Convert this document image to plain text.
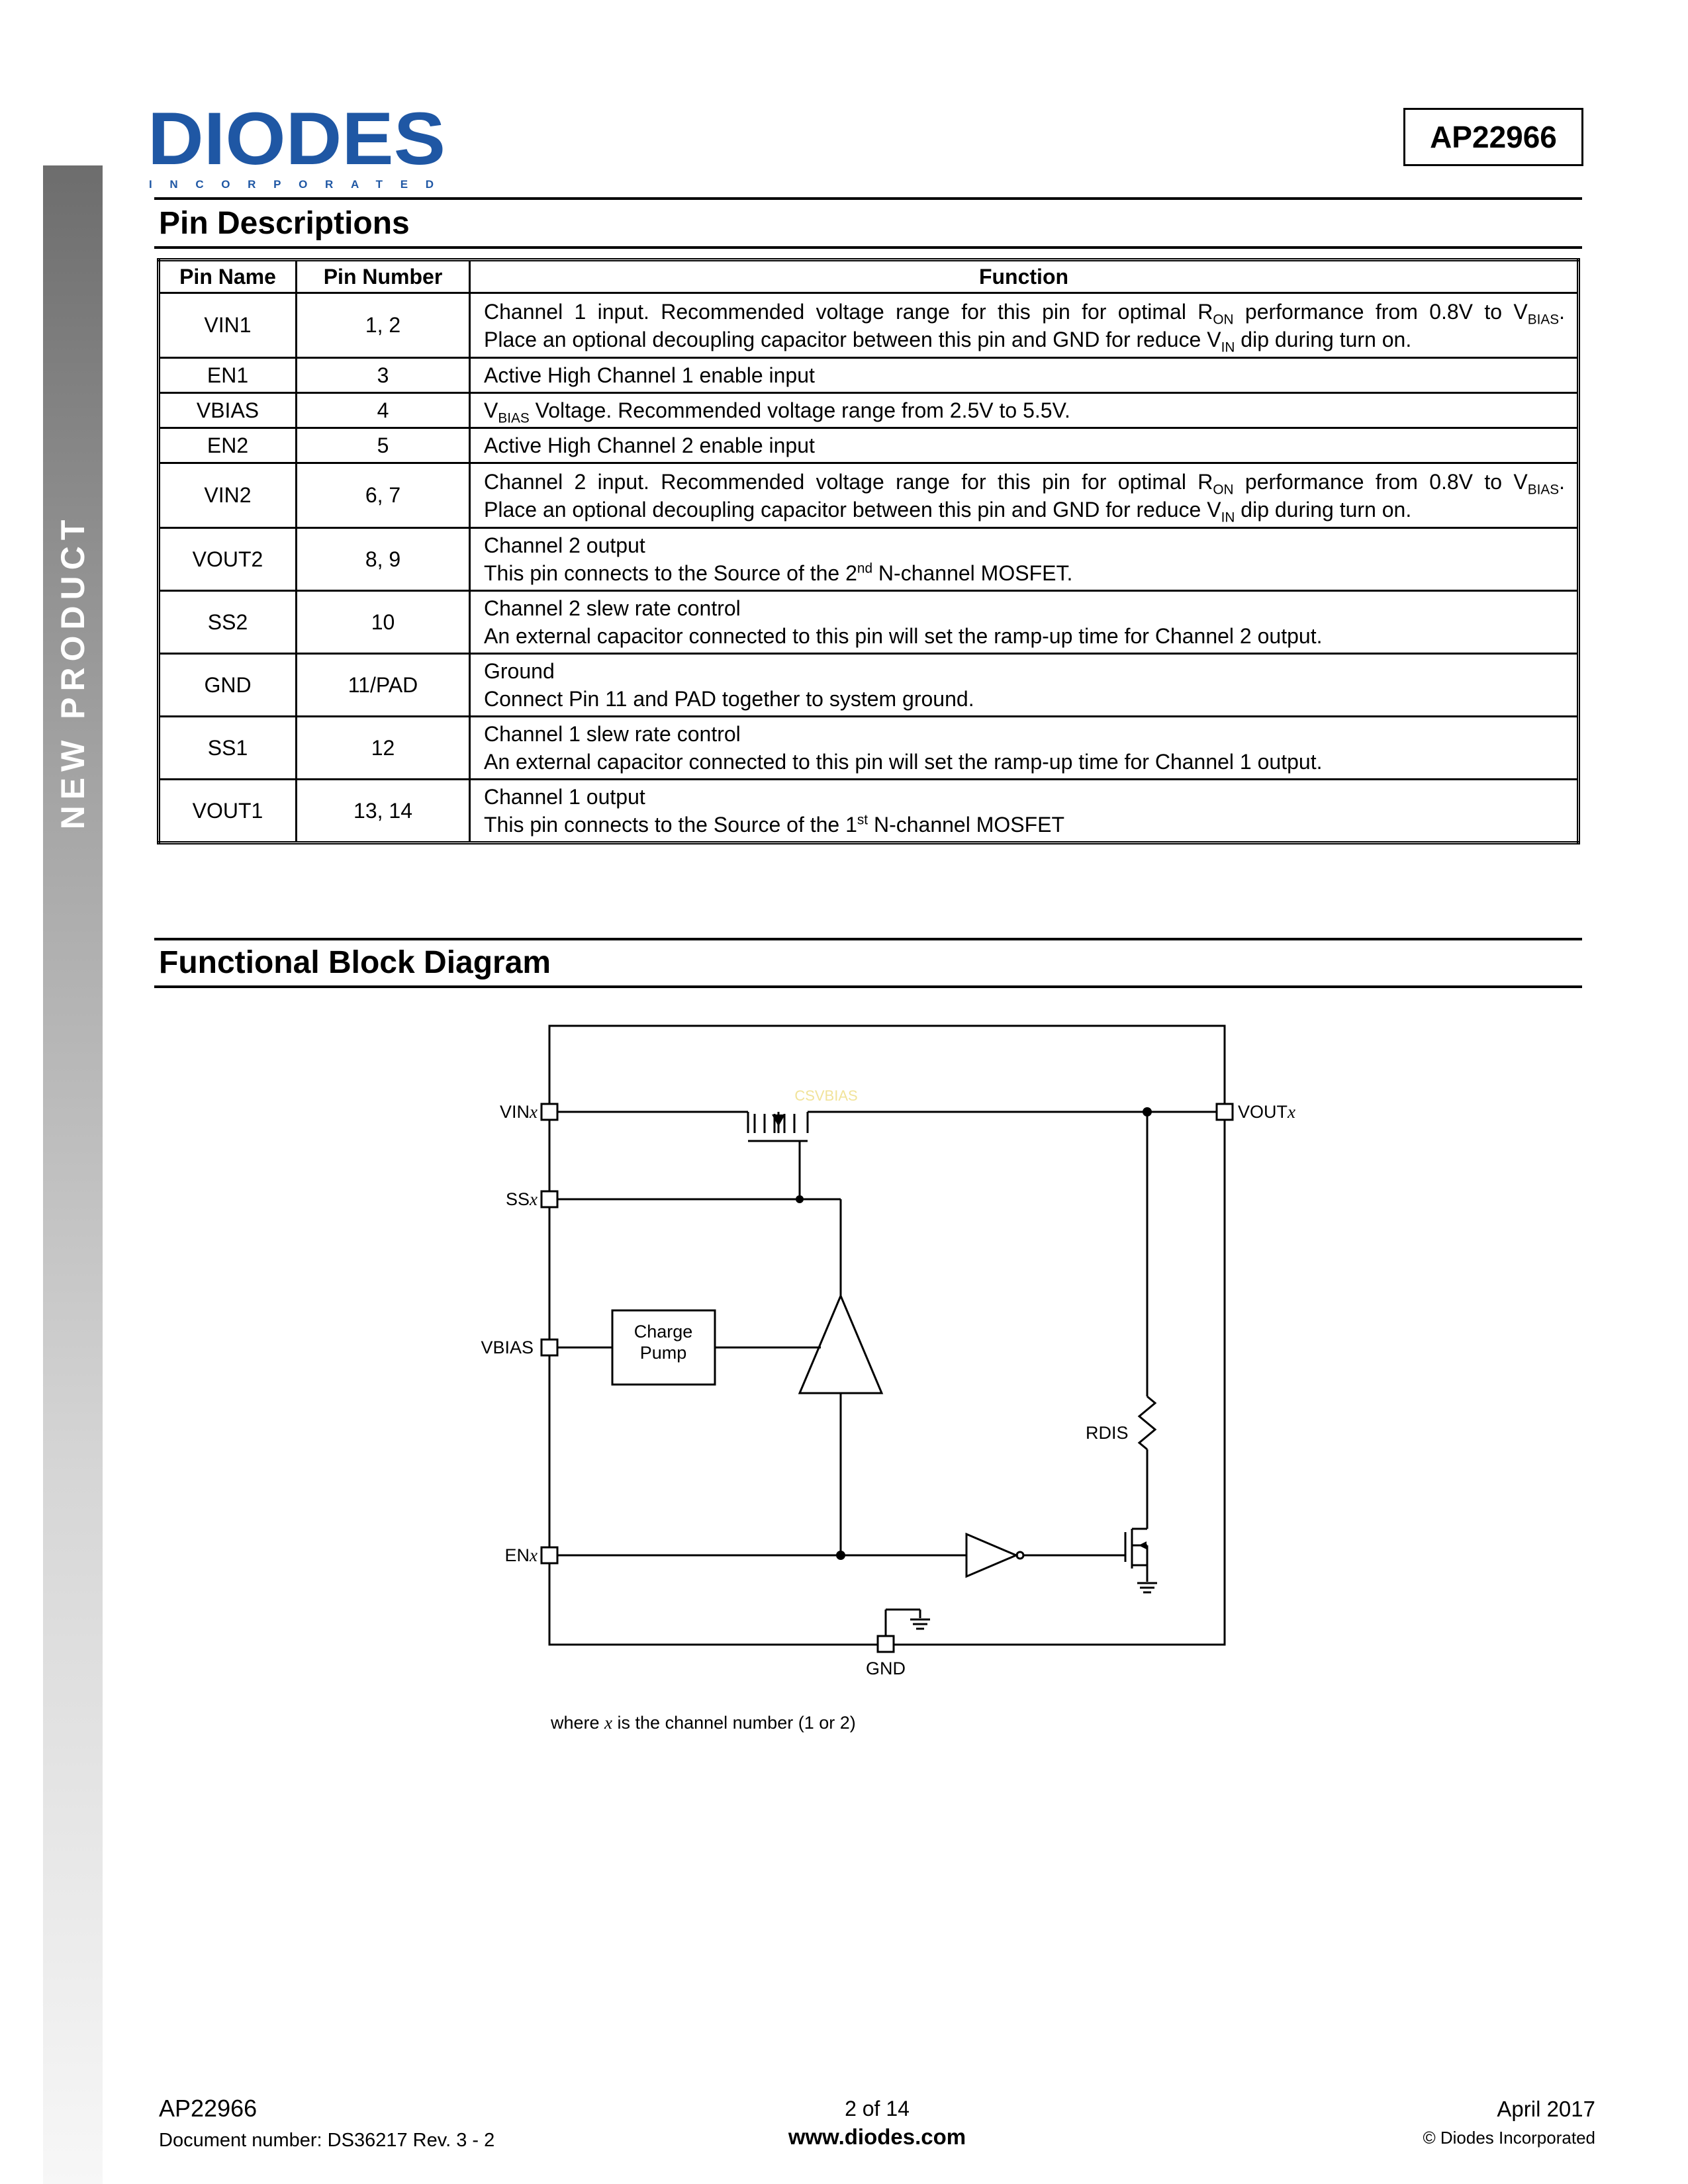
NEW PRODUCT
DIODES
INCORPORATED
AP22966
Pin Descriptions
Pin Name	Pin Number	Function
VIN1	1, 2	Channel 1 input. Recommended voltage range for this pin for optimal $R_{ON}$ performance from 0.8V to $V_{BIAS}$.
Place an optional decoupling capacitor between this pin and GND for reduce $V_{IN}$ dip during turn on.

EN1	3	Active High Channel 1 enable input
VBIAS	4	$V_{BIAS}$ Voltage. Recommended voltage range from 2.5V to 5.5V.
EN2	5	Active High Channel 2 enable input
VIN2	6, 7	Channel 2 input. Recommended voltage range for this pin for optimal $R_{ON}$ performance from 0.8V to $V_{BIAS}$.
Place an optional decoupling capacitor between this pin and GND for reduce $V_{IN}$ dip during turn on.

VOUT2	8, 9	Channel 2 output
This pin connects to the Source of the 2nd N-channel MOSFET.

SS2	10	Channel 2 slew rate control
An external capacitor connected to this pin will set the ramp-up time for Channel 2 output.

GND	11/PAD	Ground
Connect Pin 11 and PAD together to system ground.

SS1	12	Channel 1 slew rate control
An external capacitor connected to this pin will set the ramp-up time for Channel 1 output.

VOUT1	13, 14	Channel 1 output
This pin connects to the Source of the 1st N-channel MOSFET
Functional Block Diagram
CSVBIAS
VINx
SSx
VBIAS
ENx
VOUTx
Charge
Pump
RDIS
GND
where x is the channel number (1 or 2)
AP22966
Document number: DS36217 Rev. 3 - 2
2 of 14
www.diodes.com
April 2017
© Diodes Incorporated
